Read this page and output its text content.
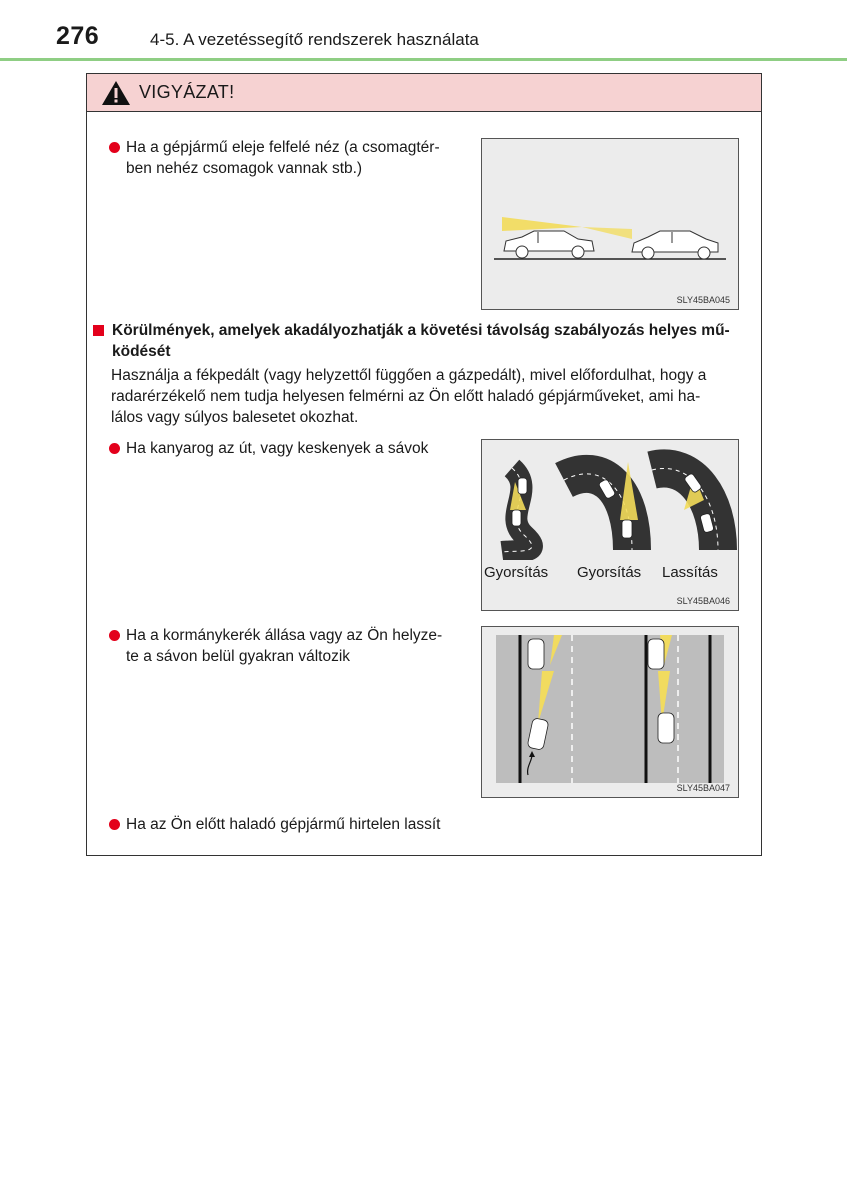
276	4-5. A vezetéssegítő rendszerek használata
VIGYÁZAT!
Ha a gépjármű eleje felfelé néz (a csomagtér-
ben nehéz csomagok vannak stb.)
SLY45BA045
Körülmények, amelyek akadályozhatják a követési távolság szabályozás helyes mű-
ködését
Használja a fékpedált (vagy helyzettől függően a gázpedált), mivel előfordulhat, hogy a
radarérzékelő nem tudja helyesen felmérni az Ön előtt haladó gépjárműveket, ami ha-
lálos vagy súlyos balesetet okozhat.
Ha kanyarog az út, vagy keskenyek a sávok
Gyorsítás Gyorsítás Lassítás
SLY45BA046
Ha a kormánykerék állása vagy az Ön helyze-
te a sávon belül gyakran változik
SLY45BA047
Ha az Ön előtt haladó gépjármű hirtelen lassít
